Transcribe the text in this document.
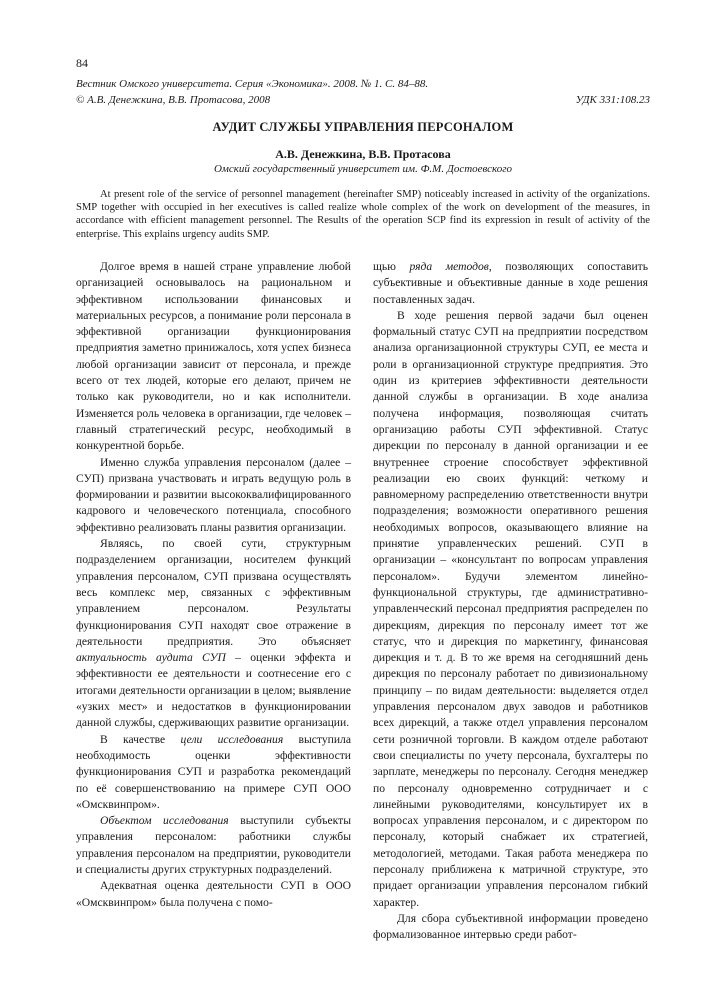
84
Вестник Омского университета. Серия «Экономика». 2008. № 1. С. 84–88.
© А.В. Денежкина, В.В. Протасова, 2008	УДК 331:108.23
АУДИТ СЛУЖБЫ УПРАВЛЕНИЯ ПЕРСОНАЛОМ
А.В. Денежкина, В.В. Протасова
Омский государственный университет им. Ф.М. Достоевского

At present role of the service of personnel management (hereinafter SMP) noticeably increased in activity of the organizations. SMP together with occupied in her executives is called realize whole complex of the work on development of the measures, in accordance with efficient management personnel. The Results of the operation SCP find its expression in result of activity of the enterprise. This explains urgency audits SMP.

Долгое время в нашей стране управление любой организацией основывалось на рациональном и эффективном использовании финансовых и материальных ресурсов, а понимание роли персонала в эффективной организации функционирования предприятия заметно принижалось, хотя успех бизнеса любой организации зависит от персонала, и прежде всего от тех людей, которые его делают, причем не только как руководители, но и как исполнители. Изменяется роль человека в организации, где человек – главный стратегический ресурс, необходимый в конкурентной борьбе.

Именно служба управления персоналом (далее – СУП) призвана участвовать и играть ведущую роль в формировании и развитии высококвалифицированного кадрового и человеческого потенциала, способного эффективно реализовать планы развития организации.

Являясь, по своей сути, структурным подразделением организации, носителем функций управления персоналом, СУП призвана осуществлять весь комплекс мер, связанных с эффективным управлением персоналом. Результаты функционирования СУП находят свое отражение в деятельности предприятия. Это объясняет актуальность аудита СУП – оценки эффекта и эффективности ее деятельности и соотнесение его с итогами деятельности организации в целом; выявление «узких мест» и недостатков в функционировании данной службы, сдерживающих развитие организации.

В качестве цели исследования выступила необходимость оценки эффективности функционирования СУП и разработка рекомендаций по её совершенствованию на примере СУП ООО «Омсквинпром».

Объектом исследования выступили субъекты управления персоналом: работники службы управления персоналом на предприятии, руководители и специалисты других структурных подразделений.

Адекватная оценка деятельности СУП в ООО «Омсквинпром» была получена с помо-

щью ряда методов, позволяющих сопоставить субъективные и объективные данные в ходе решения поставленных задач.

В ходе решения первой задачи был оценен формальный статус СУП на предприятии посредством анализа организационной структуры СУП, ее места и роли в организационной структуре предприятия. Это один из критериев эффективности деятельности данной службы в организации. В ходе анализа получена информация, позволяющая считать организацию работы СУП эффективной. Статус дирекции по персоналу в данной организации и ее внутреннее строение способствует эффективной реализации ею своих функций: четкому и равномерному распределению ответственности внутри подразделения; возможности оперативного решения необходимых вопросов, оказывающего влияние на принятие управленческих решений. СУП в организации – «консультант по вопросам управления персоналом». Будучи элементом линейно-функциональной структуры, где административно-управленческий персонал предприятия распределен по дирекциям, дирекция по персоналу имеет тот же статус, что и дирекция по маркетингу, финансовая дирекция и т. д. В то же время на сегодняшний день дирекция по персоналу работает по дивизиональному принципу – по видам деятельности: выделяется отдел управления персоналом двух заводов и работников всех дирекций, а также отдел управления персоналом сети розничной торговли. В каждом отделе работают свои специалисты по учету персонала, бухгалтеры по зарплате, менеджеры по персоналу. Сегодня менеджер по персоналу одновременно сотрудничает и с линейными руководителями, консультирует их в вопросах управления персоналом, и с директором по персоналу, который снабжает их стратегией, методологией, методами. Такая работа менеджера по персоналу приближена к матричной структуре, это придает организации управления персоналом гибкий характер.

Для сбора субъективной информации проведено формализованное интервью среди работ-
